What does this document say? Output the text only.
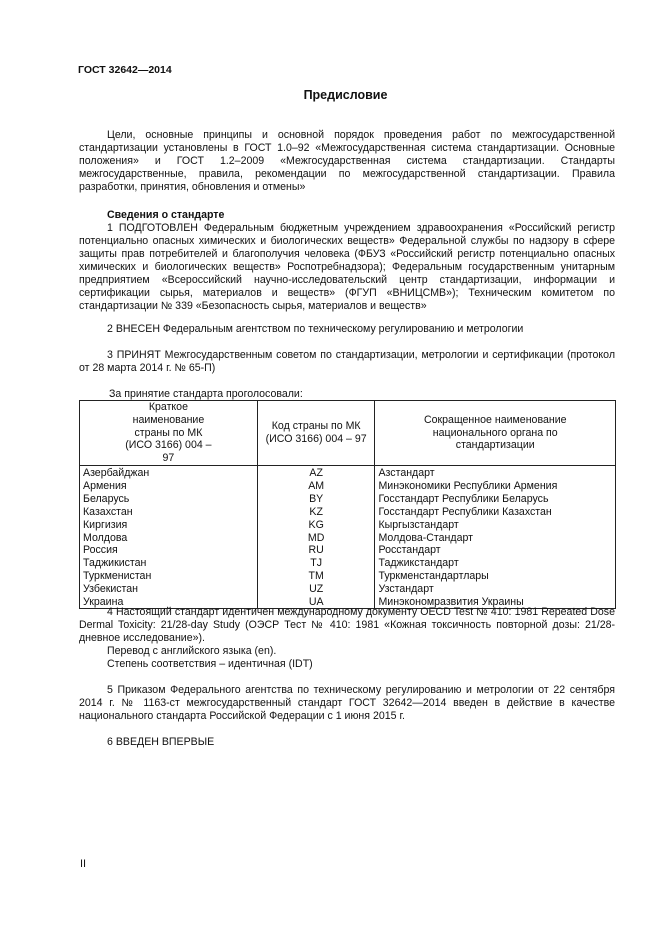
ГОСТ 32642—2014
Предисловие
Цели, основные принципы и основной порядок проведения работ по межгосударственной стандартизации установлены в ГОСТ 1.0–92 «Межгосударственная система стандартизации. Основные положения» и ГОСТ 1.2–2009 «Межгосударственная система стандартизации. Стандарты межгосударственные, правила, рекомендации по межгосударственной стандартизации. Правила разработки, принятия, обновления и отмены»
Сведения о стандарте
1 ПОДГОТОВЛЕН Федеральным бюджетным учреждением здравоохранения «Российский регистр потенциально опасных химических и биологических веществ» Федеральной службы по надзору в сфере защиты прав потребителей и благополучия человека (ФБУЗ «Российский регистр потенциально опасных химических и биологических веществ» Роспотребнадзора); Федеральным государственным унитарным предприятием «Всероссийский научно-исследовательский центр стандартизации, информации и сертификации сырья, материалов и веществ» (ФГУП «ВНИЦСМВ»); Техническим комитетом по стандартизации № 339 «Безопасность сырья, материалов и веществ»
2 ВНЕСЕН Федеральным агентством по техническому регулированию и метрологии
3 ПРИНЯТ Межгосударственным советом по стандартизации, метрологии и сертификации (протокол от 28 марта 2014 г. № 65-П)
За принятие стандарта проголосовали:
Краткое наименование страны по МК (ИСО 3166) 004 – 97	Код страны по МК (ИСО 3166) 004 – 97	Сокращенное наименование национального органа по стандартизации
Азербайджан	AZ	Азстандарт
Армения	AM	Минэкономики Республики Армения
Беларусь	BY	Госстандарт Республики Беларусь
Казахстан	KZ	Госстандарт Республики Казахстан
Киргизия	KG	Кыргызстандарт
Молдова	MD	Молдова-Стандарт
Россия	RU	Росстандарт
Таджикистан	TJ	Таджикстандарт
Туркменистан	TM	Туркменстандартлары
Узбекистан	UZ	Узстандарт
Украина	UA	Минэкономразвития Украины
4 Настоящий стандарт идентичен международному документу OECD Test № 410: 1981 Repeated Dose Dermal Toxicity: 21/28-day Study (ОЭСР Тест № 410: 1981 «Кожная токсичность повторной дозы: 21/28-дневное исследование»).
Перевод с английского языка (en).
Степень соответствия – идентичная (IDT)
5 Приказом Федерального агентства по техническому регулированию и метрологии от 22 сентября 2014 г. № 1163-ст межгосударственный стандарт ГОСТ 32642—2014 введен в действие в качестве национального стандарта Российской Федерации с 1 июня 2015 г.
6 ВВЕДЕН ВПЕРВЫЕ
II
